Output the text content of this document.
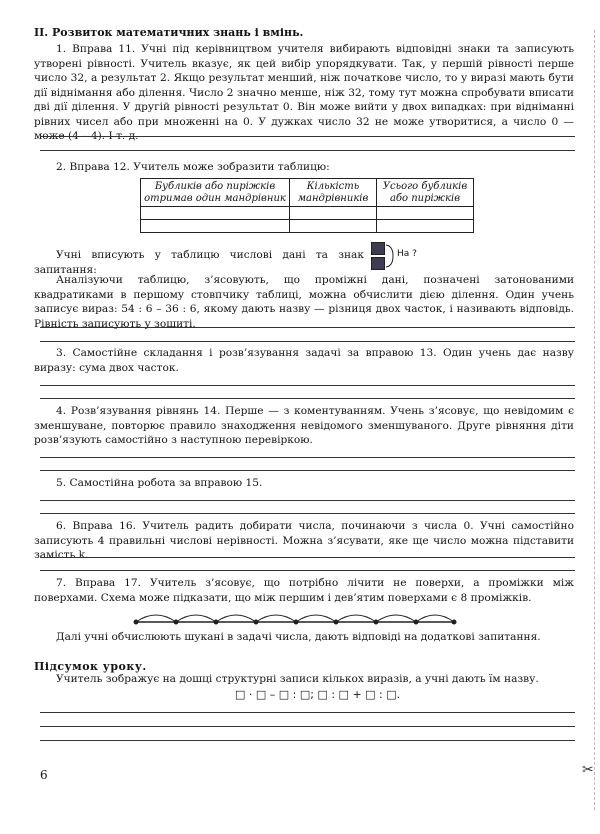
II. Розвиток математичних знань і вмінь.

1. Вправа 11. Учні під керівництвом учителя вибирають відповідні знаки та записують утворені рівності. Учитель вказує, як цей вибір упорядкувати. Так, у першій рівності перше число 32, а результат 2. Якщо результат менший, ніж початкове число, то у виразі мають бути дії віднімання або ділення. Число 2 значно менше, ніж 32, тому тут можна спробувати вписати дві дії ділення. У другій рівності результат 0. Він може вийти у двох випадках: при відніманні рівних чисел або при множенні на 0. У дужках число 32 не може утворитися, а число 0 — може (4 – 4). І т. д.

2. Вправа 12. Учитель може зобразити таблицю:

Бубликів або пиріжків отримав один мандрівник	Кількість мандрівників	Усього бубликів або пиріжків

Учні вписують у таблицю числові дані та знак запитання:

На ?

Аналізуючи таблицю, з’ясовують, що проміжні дані, позначені затонованими квадратиками в першому стовпчику таблиці, можна обчислити дією ділення. Один учень записує вираз: 54 : 6 – 36 : 6, якому дають назву — різниця двох часток, і називають відповідь. Рівність записують у зошиті.

3. Самостійне складання і розв’язування задачі за вправою 13. Один учень дає назву виразу: сума двох часток.

4. Розв’язування рівнянь 14. Перше — з коментуванням. Учень з’ясовує, що невідомим є зменшуване, повторює правило знаходження невідомого зменшуваного. Друге рівняння діти розв’язують самостійно з наступною перевіркою.

5. Самостійна робота за вправою 15.

6. Вправа 16. Учитель радить добирати числа, починаючи з числа 0. Учні самостійно записують 4 правильні числові нерівності. Можна з’ясувати, яке ще число можна підставити замість k.

7. Вправа 17. Учитель з’ясовує, що потрібно лічити не поверхи, а проміжки між поверхами. Схема може підказати, що між першим і дев’ятим поверхами є 8 проміжків.

Далі учні обчислюють шукані в задачі числа, дають відповіді на додаткові запитання.

Підсумок уроку.

Учитель зображує на дошці структурні записи кількох виразів, а учні дають їм назву.

□ · □ – □ : □; □ : □ + □ : □.
6	✂
